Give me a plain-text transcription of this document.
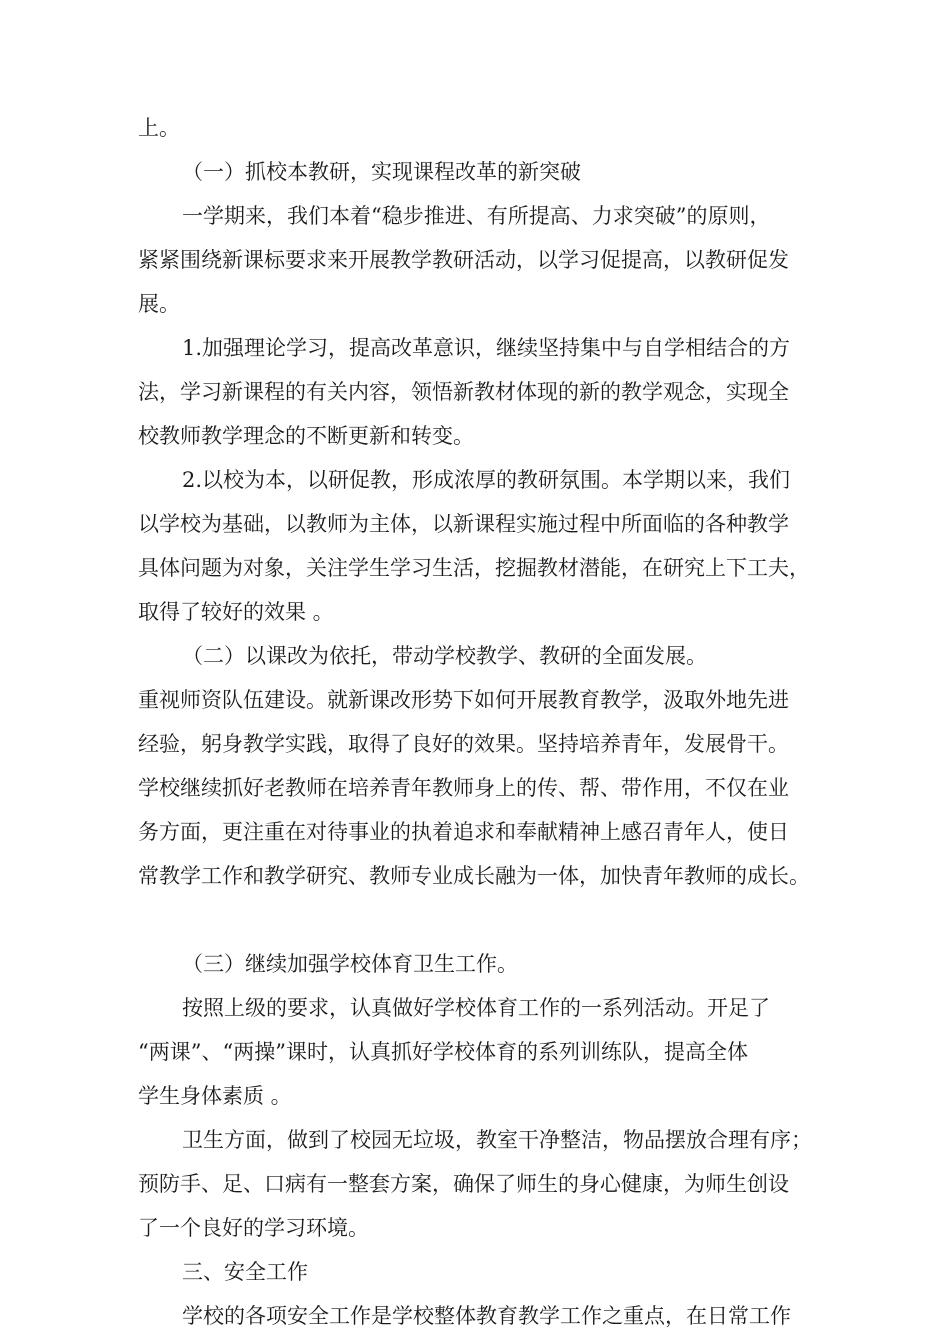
上。
（一）抓校本教研，实现课程改革的新突破
一学期来，我们本着“稳步推进、有所提高、力求突破”的原则，
紧紧围绕新课标要求来开展教学教研活动，以学习促提高，以教研促发
展。
1.加强理论学习，提高改革意识，继续坚持集中与自学相结合的方
法，学习新课程的有关内容，领悟新教材体现的新的教学观念，实现全
校教师教学理念的不断更新和转变。
2.以校为本，以研促教，形成浓厚的教研氛围。本学期以来，我们
以学校为基础，以教师为主体，以新课程实施过程中所面临的各种教学
具体问题为对象，关注学生学习生活，挖掘教材潜能，在研究上下工夫，
取得了较好的效果 。
（二）以课改为依托，带动学校教学、教研的全面发展。
重视师资队伍建设。就新课改形势下如何开展教育教学，汲取外地先进
经验，躬身教学实践，取得了良好的效果。坚持培养青年，发展骨干。
学校继续抓好老教师在培养青年教师身上的传、帮、带作用，不仅在业
务方面，更注重在对待事业的执着追求和奉献精神上感召青年人，使日
常教学工作和教学研究、教师专业成长融为一体，加快青年教师的成长。
（三）继续加强学校体育卫生工作。
按照上级的要求，认真做好学校体育工作的一系列活动。开足了
“两课”、“两操”课时，认真抓好学校体育的系列训练队，提高全体
学生身体素质 。
卫生方面，做到了校园无垃圾，教室干净整洁，物品摆放合理有序；
预防手、足、口病有一整套方案，确保了师生的身心健康，为师生创设
了一个良好的学习环境。
三、安全工作
学校的各项安全工作是学校整体教育教学工作之重点，在日常工作
